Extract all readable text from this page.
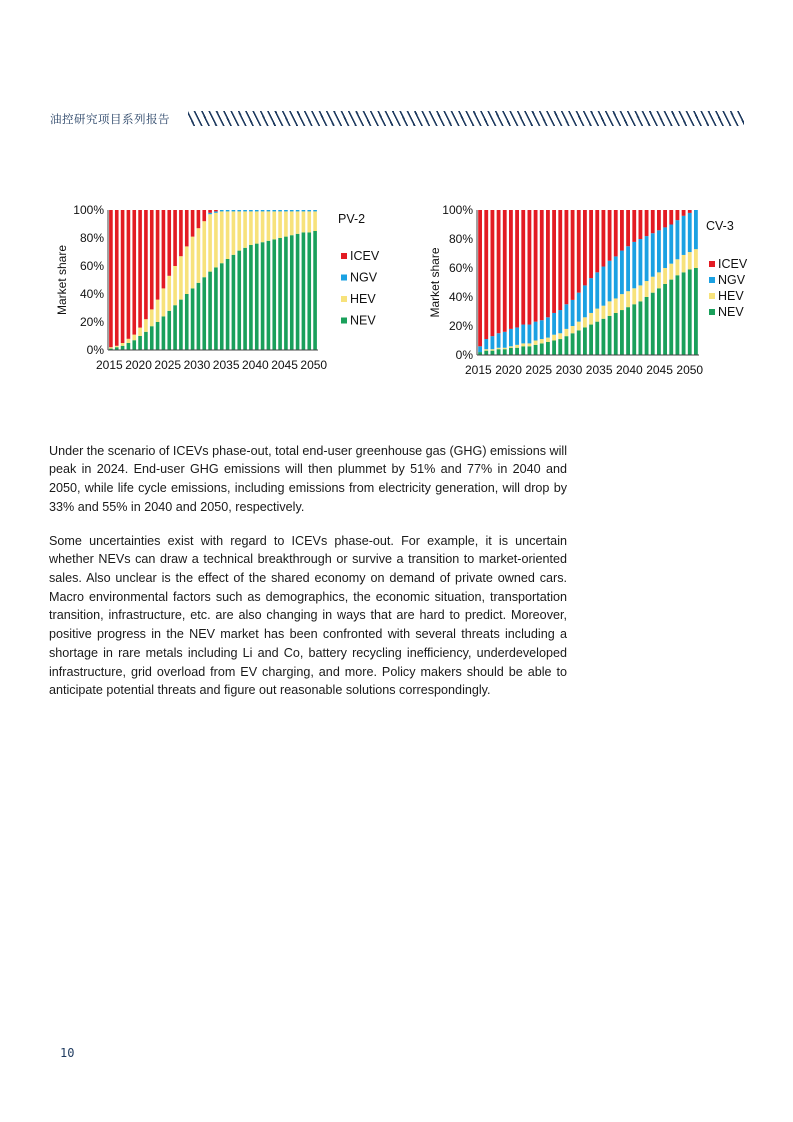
油控研究项目系列报告
0%
20%
40%
60%
80%
100%
2015 2020 2025 2030 2035 2040 2045 2050
Market share
PV-2
ICEV
NGV
HEV
NEV
0%
20%
40%
60%
80%
100%
2015 2020 2025 2030 2035 2040 2045 2050
Market share
CV-3
ICEV
NGV
HEV
NEV

Under the scenario of ICEVs phase-out, total end-user greenhouse gas (GHG) emissions will peak in 2024. End-user GHG emissions will then plummet by 51% and 77% in 2040 and 2050, while life cycle emissions, including emissions from electricity generation, will drop by 33% and 55% in 2040 and 2050, respectively.

Some uncertainties exist with regard to ICEVs phase-out. For example, it is uncertain whether NEVs can draw a technical breakthrough or survive a transition to market-oriented sales. Also unclear is the effect of the shared economy on demand of private owned cars. Macro environmental factors such as demographics, the economic situation, transportation transition, infrastructure, etc. are also changing in ways that are hard to predict. Moreover, positive progress in the NEV market has been confronted with several threats including a shortage in rare metals including Li and Co, battery recycling inefficiency, underdeveloped infrastructure, grid overload from EV charging, and more. Policy makers should be able to anticipate potential threats and figure out reasonable solutions correspondingly.

10
